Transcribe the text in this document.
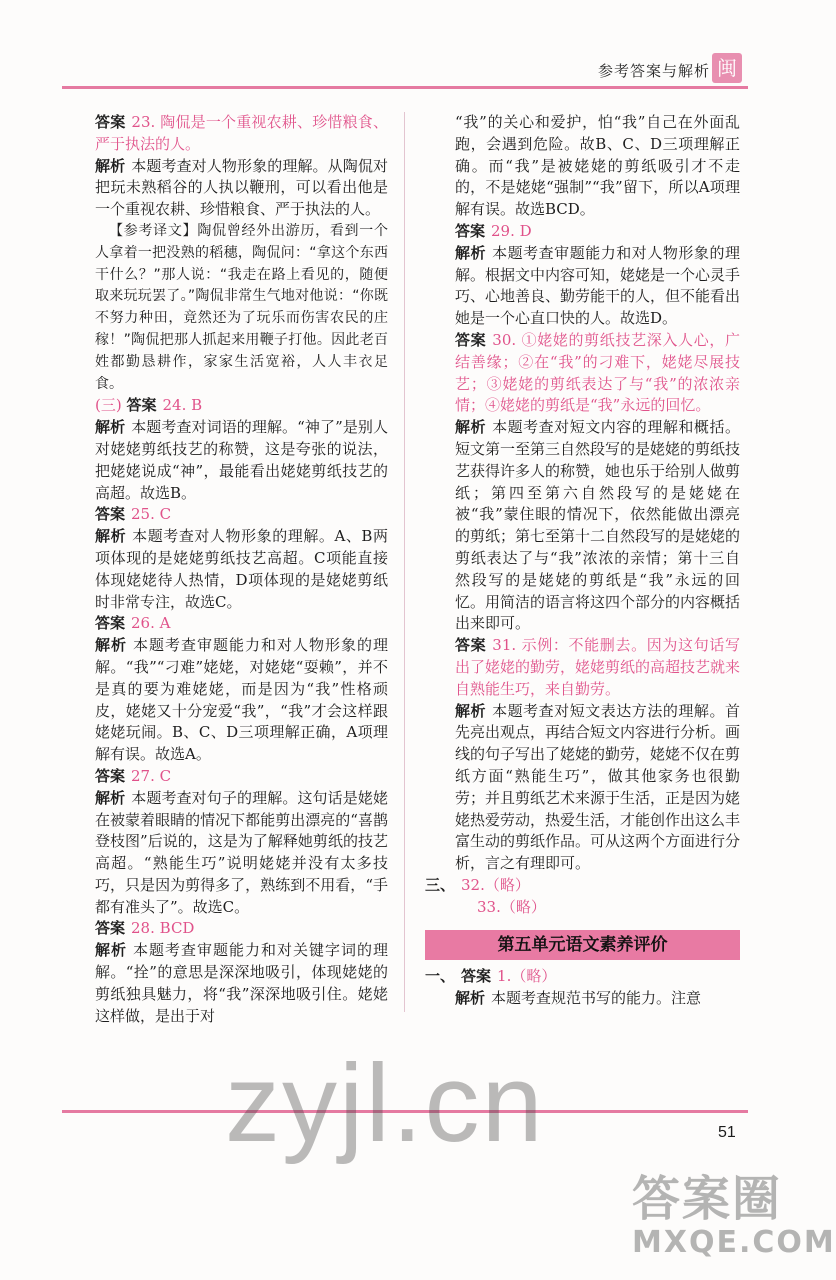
参考答案与解析 闽

答案 23. 陶侃是一个重视农耕、珍惜粮食、严于执法的人。

解析 本题考查对人物形象的理解。从陶侃对把玩未熟稻谷的人执以鞭刑，可以看出他是一个重视农耕、珍惜粮食、严于执法的人。

【参考译文】陶侃曾经外出游历，看到一个人拿着一把没熟的稻穗，陶侃问：“拿这个东西干什么？”那人说：“我走在路上看见的，随便取来玩玩罢了。”陶侃非常生气地对他说：“你既不努力种田，竟然还为了玩乐而伤害农民的庄稼！”陶侃把那人抓起来用鞭子打他。因此老百姓都勤恳耕作，家家生活宽裕，人人丰衣足食。

(三) 答案 24. B

解析 本题考查对词语的理解。“神了”是别人对姥姥剪纸技艺的称赞，这是夸张的说法，把姥姥说成“神”，最能看出姥姥剪纸技艺的高超。故选B。

答案 25. C

解析 本题考查对人物形象的理解。A、B两项体现的是姥姥剪纸技艺高超。C项能直接体现姥姥待人热情，D项体现的是姥姥剪纸时非常专注，故选C。

答案 26. A

解析 本题考查审题能力和对人物形象的理解。“我”“刁难”姥姥，对姥姥“耍赖”，并不是真的要为难姥姥，而是因为“我”性格顽皮，姥姥又十分宠爱“我”，“我”才会这样跟姥姥玩闹。B、C、D三项理解正确，A项理解有误。故选A。

答案 27. C

解析 本题考查对句子的理解。这句话是姥姥在被蒙着眼睛的情况下都能剪出漂亮的“喜鹊登枝图”后说的，这是为了解释她剪纸的技艺高超。“熟能生巧”说明姥姥并没有太多技巧，只是因为剪得多了，熟练到不用看，“手都有准头了”。故选C。

答案 28. BCD

解析 本题考查审题能力和对关键字词的理解。“拴”的意思是深深地吸引，体现姥姥的剪纸独具魅力，将“我”深深地吸引住。姥姥这样做，是出于对

“我”的关心和爱护，怕“我”自己在外面乱跑，会遇到危险。故B、C、D三项理解正确。而“我”是被姥姥的剪纸吸引才不走的，不是姥姥“强制”“我”留下，所以A项理解有误。故选BCD。

答案 29. D

解析 本题考查审题能力和对人物形象的理解。根据文中内容可知，姥姥是一个心灵手巧、心地善良、勤劳能干的人，但不能看出她是一个心直口快的人。故选D。

答案 30. ①姥姥的剪纸技艺深入人心，广结善缘；②在“我”的刁难下，姥姥尽展技艺；③姥姥的剪纸表达了与“我”的浓浓亲情；④姥姥的剪纸是“我”永远的回忆。

解析 本题考查对短文内容的理解和概括。短文第一至第三自然段写的是姥姥的剪纸技艺获得许多人的称赞，她也乐于给别人做剪纸；第四至第六自然段写的是姥姥在被“我”蒙住眼的情况下，依然能做出漂亮的剪纸；第七至第十二自然段写的是姥姥的剪纸表达了与“我”浓浓的亲情；第十三自然段写的是姥姥的剪纸是“我”永远的回忆。用简洁的语言将这四个部分的内容概括出来即可。

答案 31. 示例：不能删去。因为这句话写出了姥姥的勤劳，姥姥剪纸的高超技艺就来自熟能生巧，来自勤劳。

解析 本题考查对短文表达方法的理解。首先亮出观点，再结合短文内容进行分析。画线的句子写出了姥姥的勤劳，姥姥不仅在剪纸方面“熟能生巧”，做其他家务也很勤劳；并且剪纸艺术来源于生活，正是因为姥姥热爱劳动，热爱生活，才能创作出这么丰富生动的剪纸作品。可从这两个方面进行分析，言之有理即可。

三、 32.（略）

33.（略）

第五单元语文素养评价

一、 答案 1.（略）

解析 本题考查规范书写的能力。注意

51
zyjl.cn
答案圈
MXQE.COM
